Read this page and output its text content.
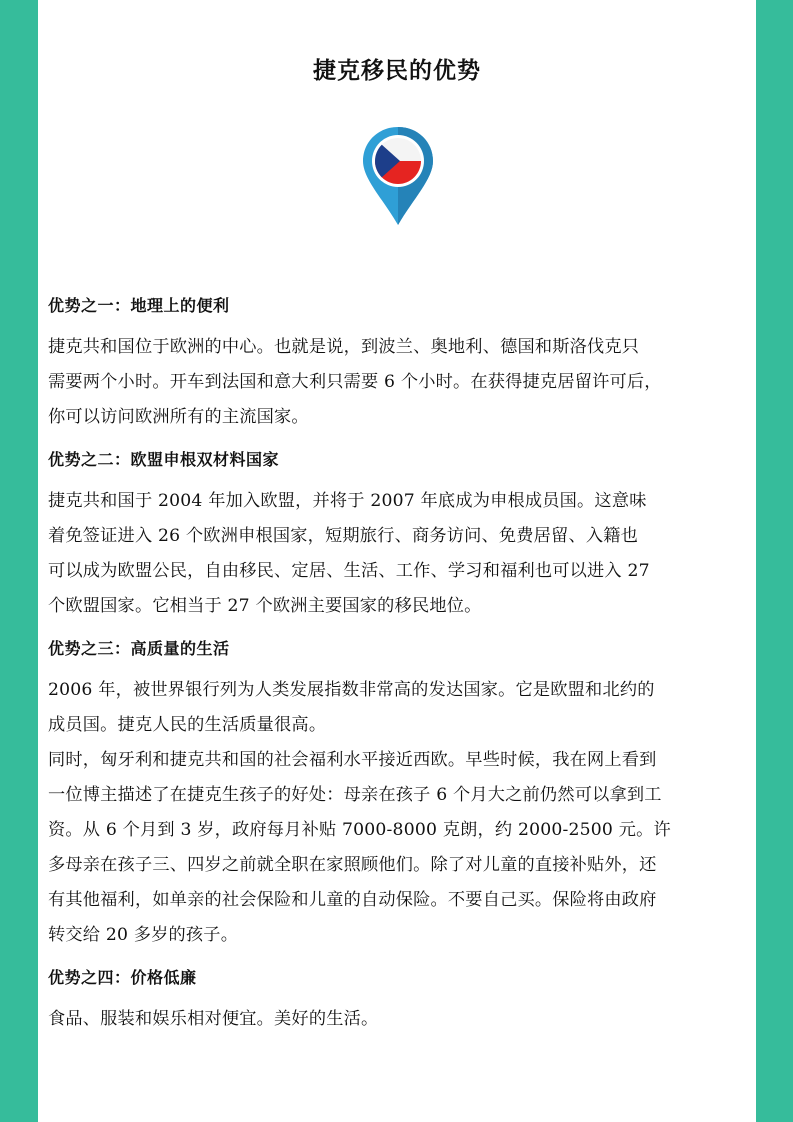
捷克移民的优势
优势之一：地理上的便利

捷克共和国位于欧洲的中心。也就是说，到波兰、奥地利、德国和斯洛伐克只

需要两个小时。开车到法国和意大利只需要 6 个小时。在获得捷克居留许可后，

你可以访问欧洲所有的主流国家。

优势之二：欧盟申根双材料国家

捷克共和国于 2004 年加入欧盟，并将于 2007 年底成为申根成员国。这意味

着免签证进入 26 个欧洲申根国家，短期旅行、商务访问、免费居留、入籍也

可以成为欧盟公民，自由移民、定居、生活、工作、学习和福利也可以进入 27

个欧盟国家。它相当于 27 个欧洲主要国家的移民地位。

优势之三：高质量的生活

2006 年，被世界银行列为人类发展指数非常高的发达国家。它是欧盟和北约的

成员国。捷克人民的生活质量很高。

同时，匈牙利和捷克共和国的社会福利水平接近西欧。早些时候，我在网上看到

一位博主描述了在捷克生孩子的好处：母亲在孩子 6 个月大之前仍然可以拿到工

资。从 6 个月到 3 岁，政府每月补贴 7000-8000 克朗，约 2000-2500 元。许

多母亲在孩子三、四岁之前就全职在家照顾他们。除了对儿童的直接补贴外，还

有其他福利，如单亲的社会保险和儿童的自动保险。不要自己买。保险将由政府

转交给 20 多岁的孩子。

优势之四：价格低廉

食品、服装和娱乐相对便宜。美好的生活。
